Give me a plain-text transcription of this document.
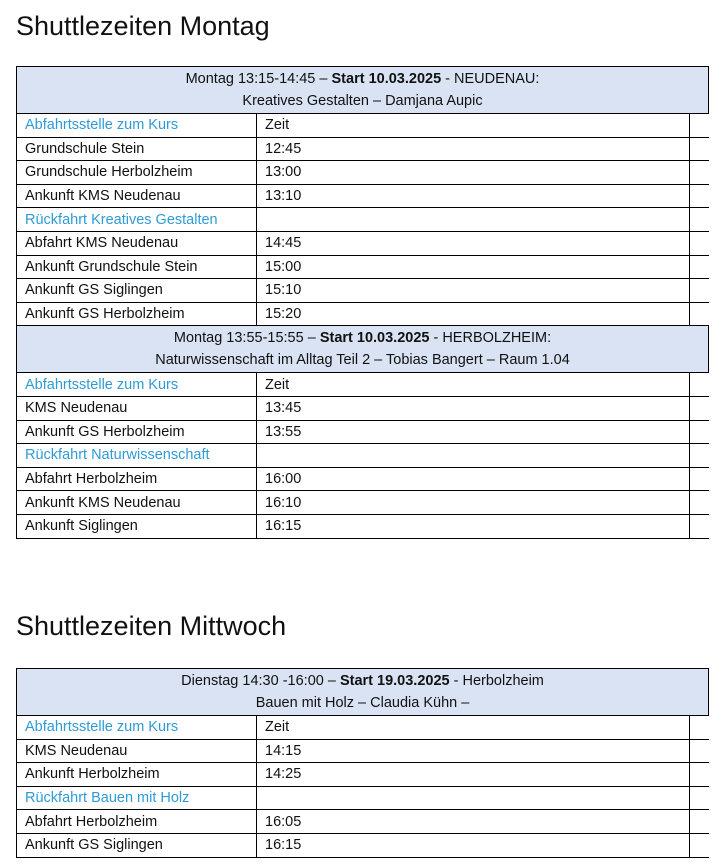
Shuttlezeiten Montag
Montag 13:15-14:45 – Start 10.03.2025 - NEUDENAU:
Kreatives Gestalten – Damjana Aupic		
Abfahrtsstelle zum Kurs	Zeit	
Grundschule Stein	12:45	
Grundschule Herbolzheim	13:00	
Ankunft KMS Neudenau	13:10	
Rückfahrt Kreatives Gestalten		
Abfahrt KMS Neudenau	14:45	
Ankunft Grundschule Stein	15:00	
Ankunft GS Siglingen	15:10	
Ankunft GS Herbolzheim	15:20	
Montag 13:55-15:55 – Start 10.03.2025 - HERBOLZHEIM:
Naturwissenschaft im Alltag Teil 2 – Tobias Bangert – Raum 1.04		
Abfahrtsstelle zum Kurs	Zeit	
KMS Neudenau	13:45	
Ankunft GS Herbolzheim	13:55	
Rückfahrt Naturwissenschaft		
Abfahrt Herbolzheim	16:00	
Ankunft KMS Neudenau	16:10	
Ankunft Siglingen	16:15	
Shuttlezeiten Mittwoch
Dienstag 14:30 -16:00 – Start 19.03.2025 - Herbolzheim
Bauen mit Holz – Claudia Kühn –		
Abfahrtsstelle zum Kurs	Zeit	
KMS Neudenau	14:15	
Ankunft Herbolzheim	14:25	
Rückfahrt Bauen mit Holz		
Abfahrt Herbolzheim	16:05	
Ankunft GS Siglingen	16:15	
